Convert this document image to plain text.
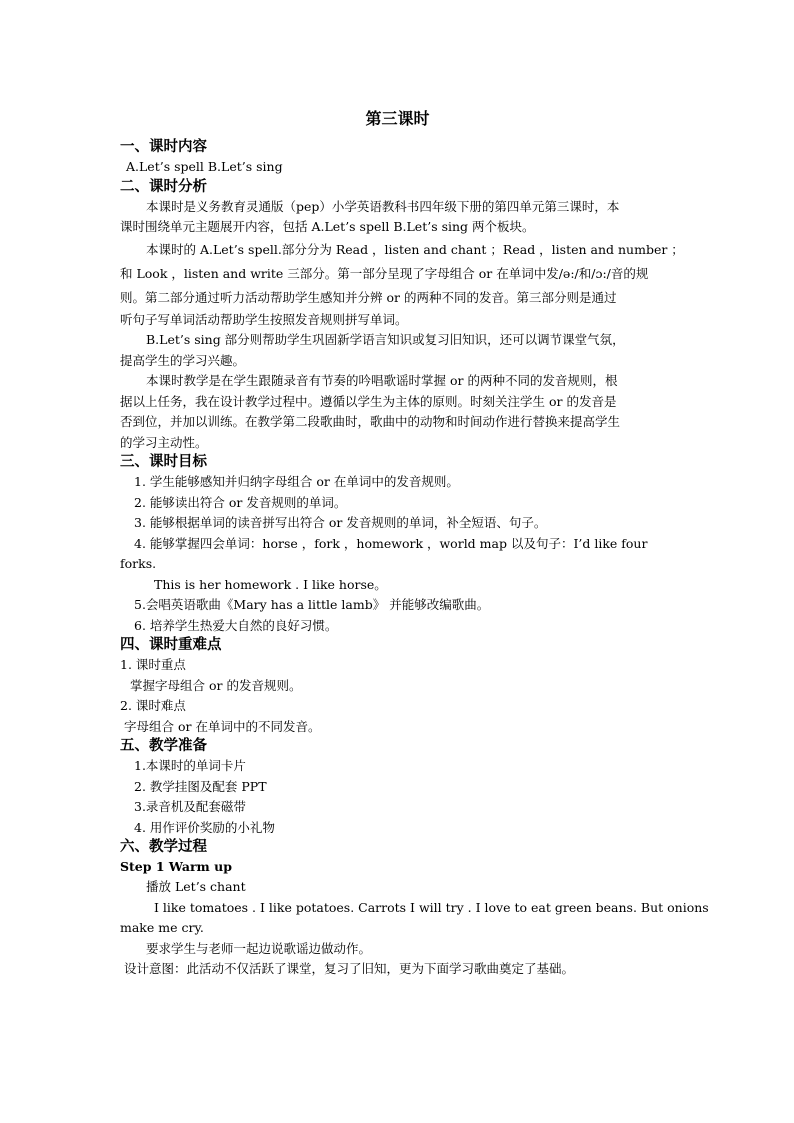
第三课时
一、课时内容
A.Let’s spell B.Let’s sing
二、课时分析
本课时是义务教育灵通版（pep）小学英语教科书四年级下册的第四单元第三课时，本
课时围绕单元主题展开内容，包括 A.Let’s spell B.Let’s sing 两个板块。
本课时的 A.Let’s spell.部分分为 Read ，listen and chant ；Read ，listen and number ；
和 Look ，listen and write 三部分。第一部分呈现了字母组合 or 在单词中发/ə:/和/ɔ:/音的规
则。第二部分通过听力活动帮助学生感知并分辨 or 的两种不同的发音。第三部分则是通过
听句子写单词活动帮助学生按照发音规则拼写单词。
B.Let’s sing 部分则帮助学生巩固新学语言知识或复习旧知识，还可以调节课堂气氛，
提高学生的学习兴趣。
本课时教学是在学生跟随录音有节奏的吟唱歌谣时掌握 or 的两种不同的发音规则，根
据以上任务，我在设计教学过程中。遵循以学生为主体的原则。时刻关注学生 or 的发音是
否到位，并加以训练。在教学第二段歌曲时，歌曲中的动物和时间动作进行替换来提高学生
的学习主动性。
三、课时目标
1. 学生能够感知并归纳字母组合 or 在单词中的发音规则。
2. 能够读出符合 or 发音规则的单词。
3. 能够根据单词的读音拼写出符合 or 发音规则的单词，补全短语、句子。
4. 能够掌握四会单词：horse ，fork ，homework ，world map 以及句子：I’d like four
forks.
This is her homework . I like horse。
5.会唱英语歌曲《Mary has a little lamb》 并能够改编歌曲。
6. 培养学生热爱大自然的良好习惯。
四、课时重难点
1. 课时重点
掌握字母组合 or 的发音规则。
2. 课时难点
字母组合 or 在单词中的不同发音。
五、教学准备
1.本课时的单词卡片
2. 教学挂图及配套 PPT
3.录音机及配套磁带
4. 用作评价奖励的小礼物
六、教学过程
Step 1 Warm up
播放 Let’s chant
I like tomatoes . I like potatoes. Carrots I will try . I love to eat green beans. But onions
make me cry.
要求学生与老师一起边说歌谣边做动作。
设计意图：此活动不仅活跃了课堂，复习了旧知，更为下面学习歌曲奠定了基础。
